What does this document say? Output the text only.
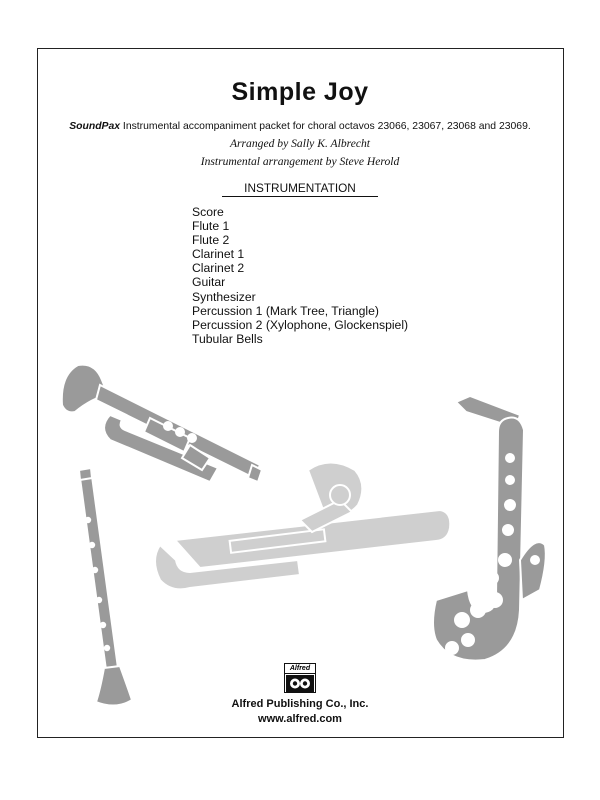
Simple Joy
SoundPax Instrumental accompaniment packet for choral octavos 23066, 23067, 23068 and 23069.
Arranged by Sally K. Albrecht
Instrumental arrangement by Steve Herold
INSTRUMENTATION
Score
Flute 1
Flute 2
Clarinet 1
Clarinet 2
Guitar
Synthesizer
Percussion 1 (Mark Tree, Triangle)
Percussion 2 (Xylophone, Glockenspiel)
Tubular Bells
Alfred
Alfred Publishing Co., Inc.
www.alfred.com
